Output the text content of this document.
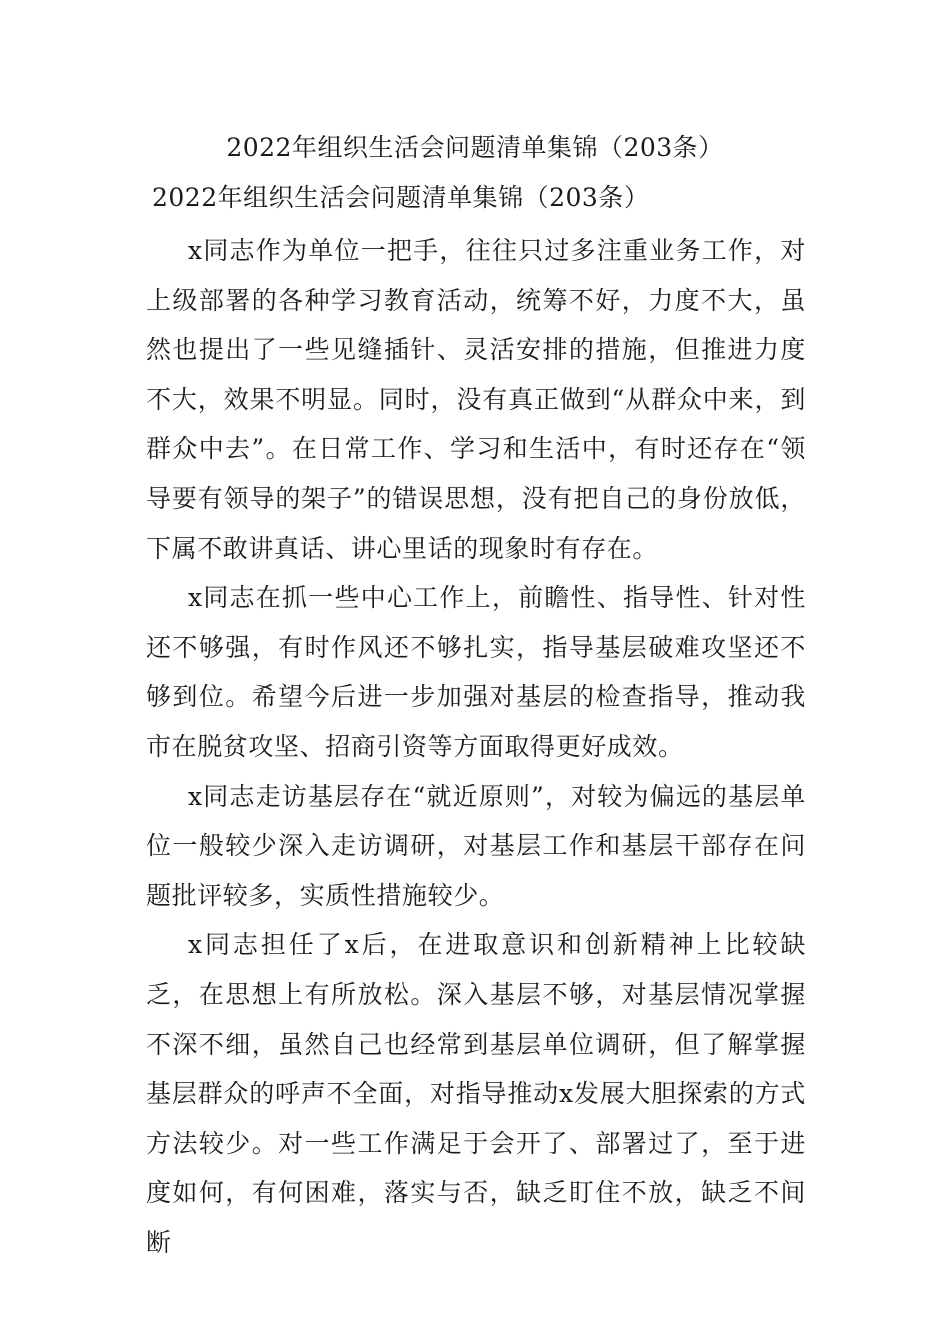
2022年组织生活会问题清单集锦（203条）
2022年组织生活会问题清单集锦（203条）

x同志作为单位一把手，往往只过多注重业务工作，对上级部署的各种学习教育活动，统筹不好，力度不大，虽然也提出了一些见缝插针、灵活安排的措施，但推进力度不大，效果不明显。同时，没有真正做到“从群众中来，到群众中去”。在日常工作、学习和生活中，有时还存在“领导要有领导的架子”的错误思想，没有把自己的身份放低，下属不敢讲真话、讲心里话的现象时有存在。

x同志在抓一些中心工作上，前瞻性、指导性、针对性还不够强，有时作风还不够扎实，指导基层破难攻坚还不够到位。希望今后进一步加强对基层的检查指导，推动我市在脱贫攻坚、招商引资等方面取得更好成效。

x同志走访基层存在“就近原则”，对较为偏远的基层单位一般较少深入走访调研，对基层工作和基层干部存在问题批评较多，实质性措施较少。

x同志担任了x后，在进取意识和创新精神上比较缺乏，在思想上有所放松。深入基层不够，对基层情况掌握不深不细，虽然自己也经常到基层单位调研，但了解掌握基层群众的呼声不全面，对指导推动x发展大胆探索的方式方法较少。对一些工作满足于会开了、部署过了，至于进度如何，有何困难，落实与否，缺乏盯住不放，缺乏不间断
